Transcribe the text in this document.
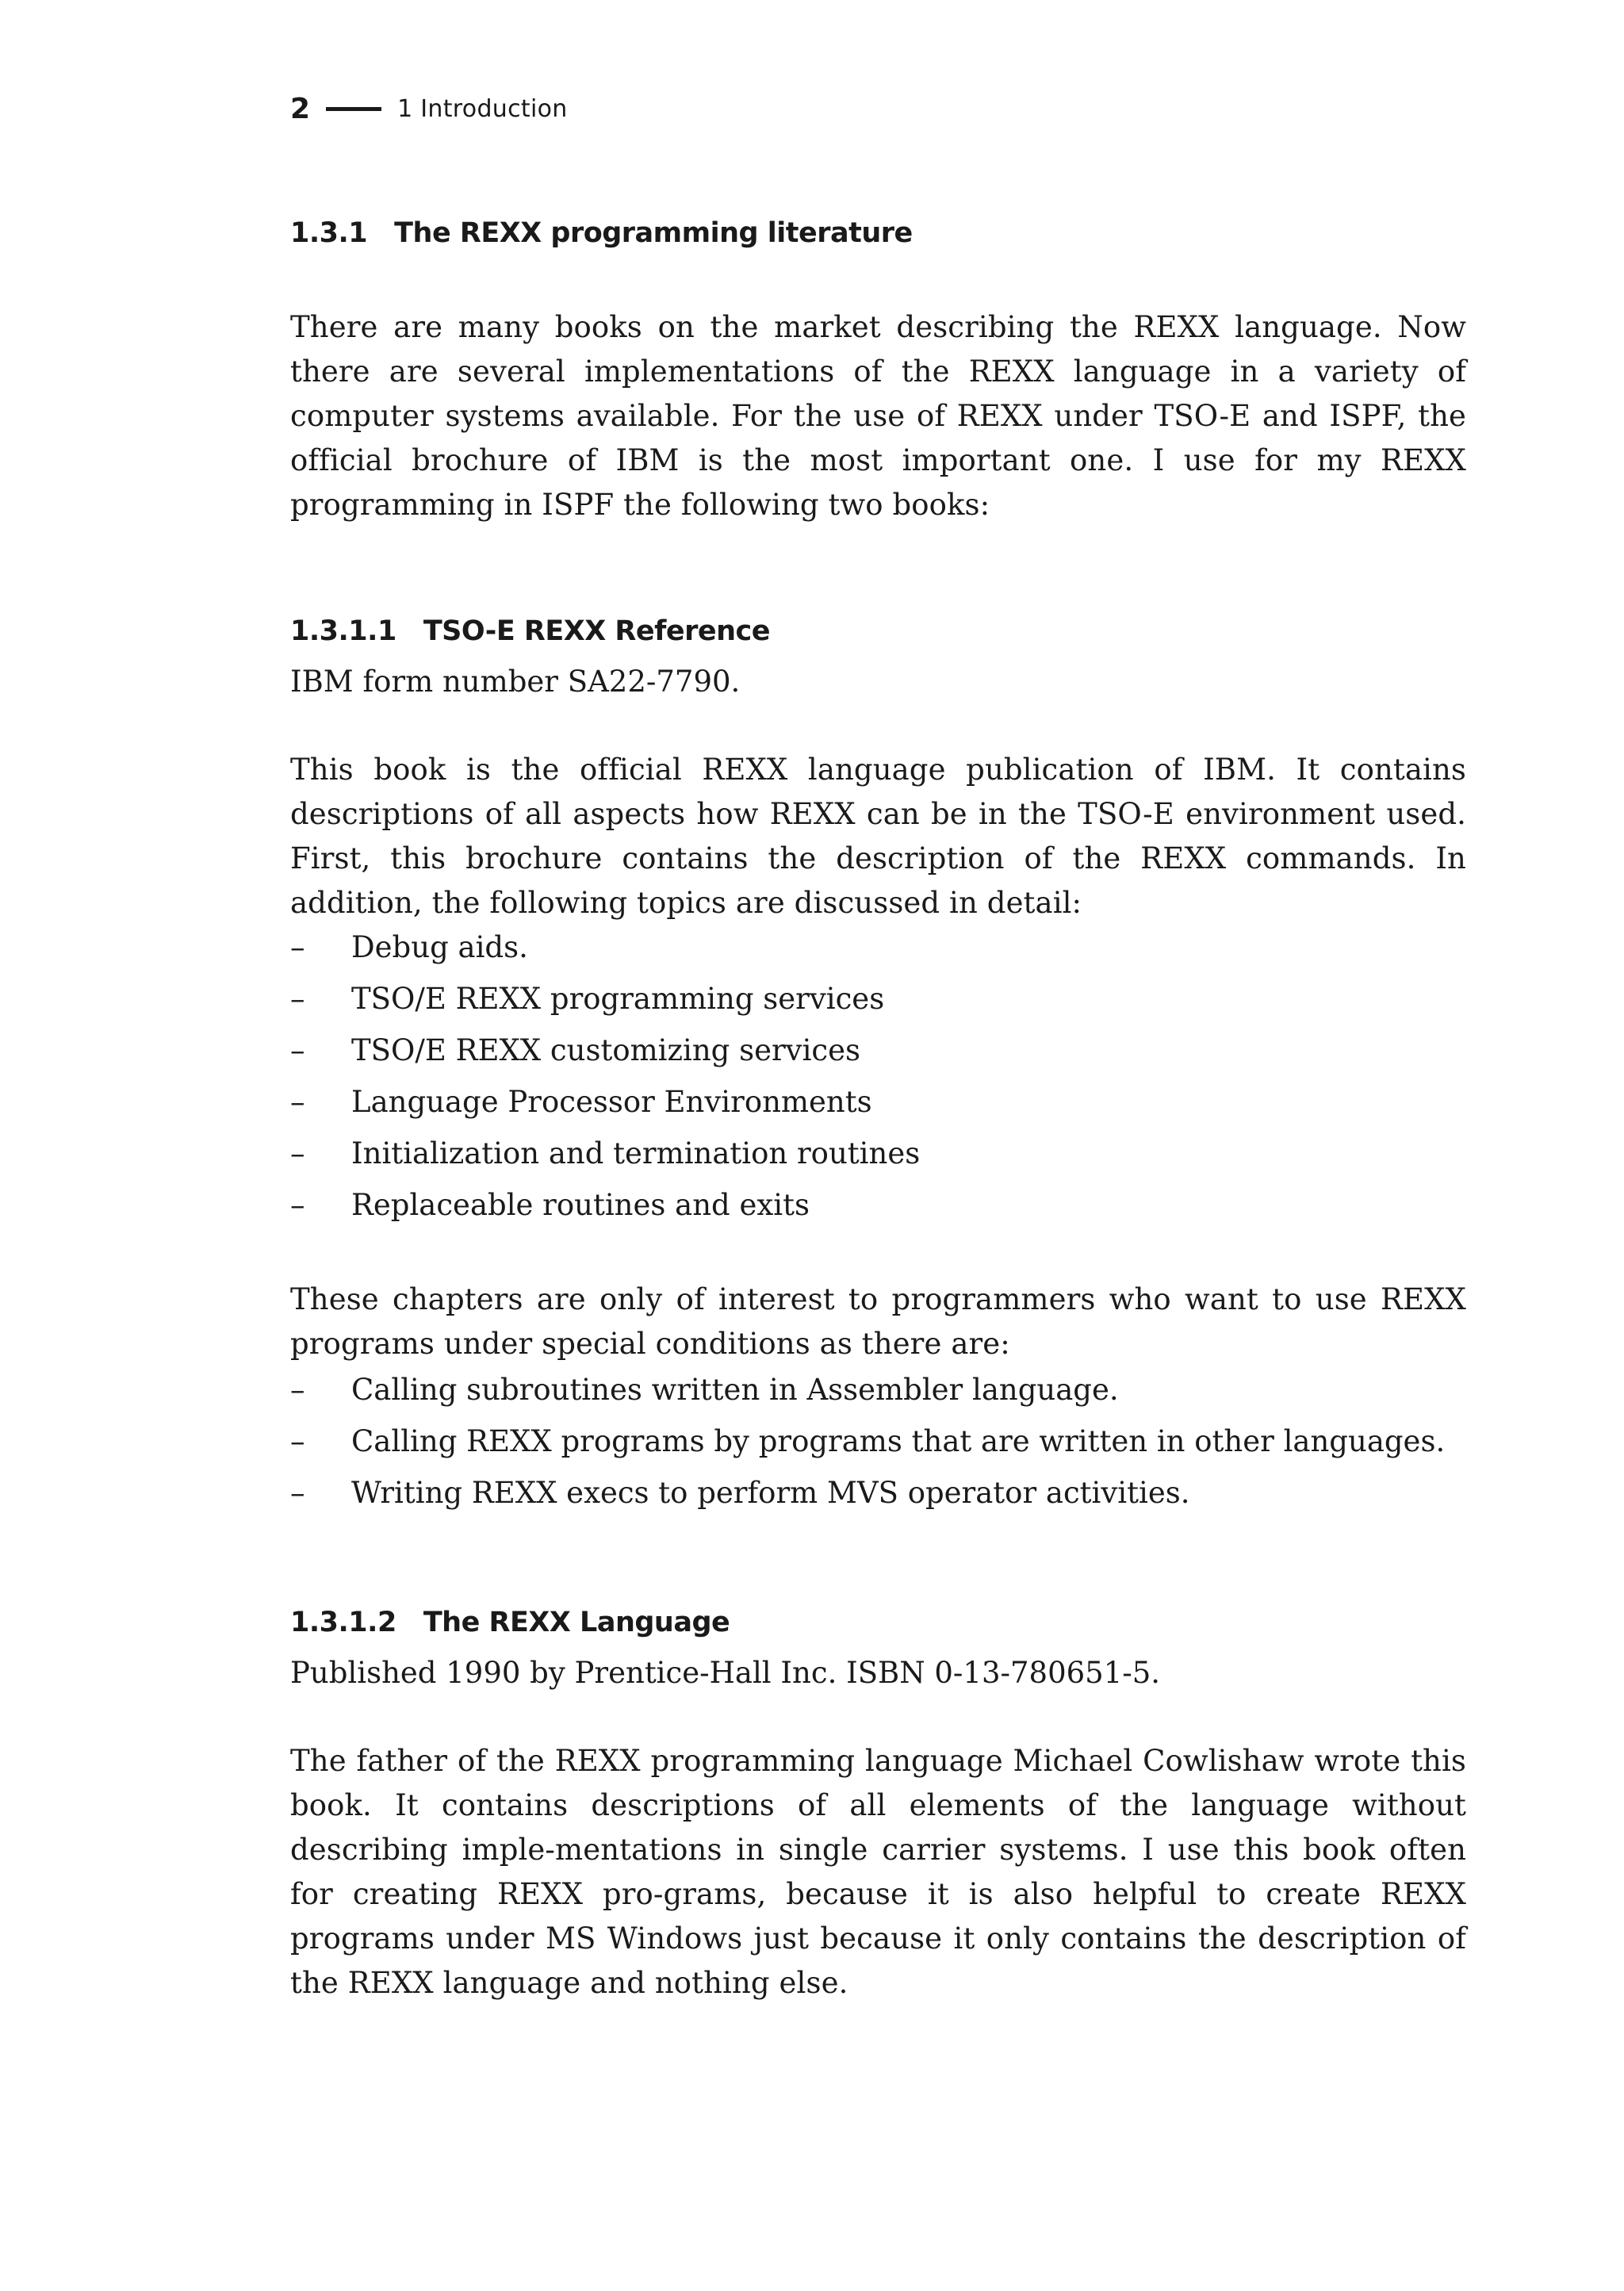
2	1 Introduction
1.3.1 The REXX programming literature

There are many books on the market describing the REXX language. Now there are several implementations of the REXX language in a variety of computer systems available. For the use of REXX under TSO-E and ISPF, the official brochure of IBM is the most important one. I use for my REXX programming in ISPF the following two books:

1.3.1.1 TSO-E REXX Reference

IBM form number SA22-7790.

This book is the official REXX language publication of IBM. It contains descriptions of all aspects how REXX can be in the TSO-E environment used. First, this brochure contains the description of the REXX commands. In addition, the following topics are discussed in detail:

– Debug aids.
– TSO/E REXX programming services
– TSO/E REXX customizing services
– Language Processor Environments
– Initialization and termination routines
– Replaceable routines and exits

These chapters are only of interest to programmers who want to use REXX programs under special conditions as there are:

– Calling subroutines written in Assembler language.
– Calling REXX programs by programs that are written in other languages.
– Writing REXX execs to perform MVS operator activities.
1.3.1.2 The REXX Language

Published 1990 by Prentice-Hall Inc. ISBN 0-13-780651-5.

The father of the REXX programming language Michael Cowlishaw wrote this book. It contains descriptions of all elements of the language without describing imple-mentations in single carrier systems. I use this book often for creating REXX pro-grams, because it is also helpful to create REXX programs under MS Windows just because it only contains the description of the REXX language and nothing else.
